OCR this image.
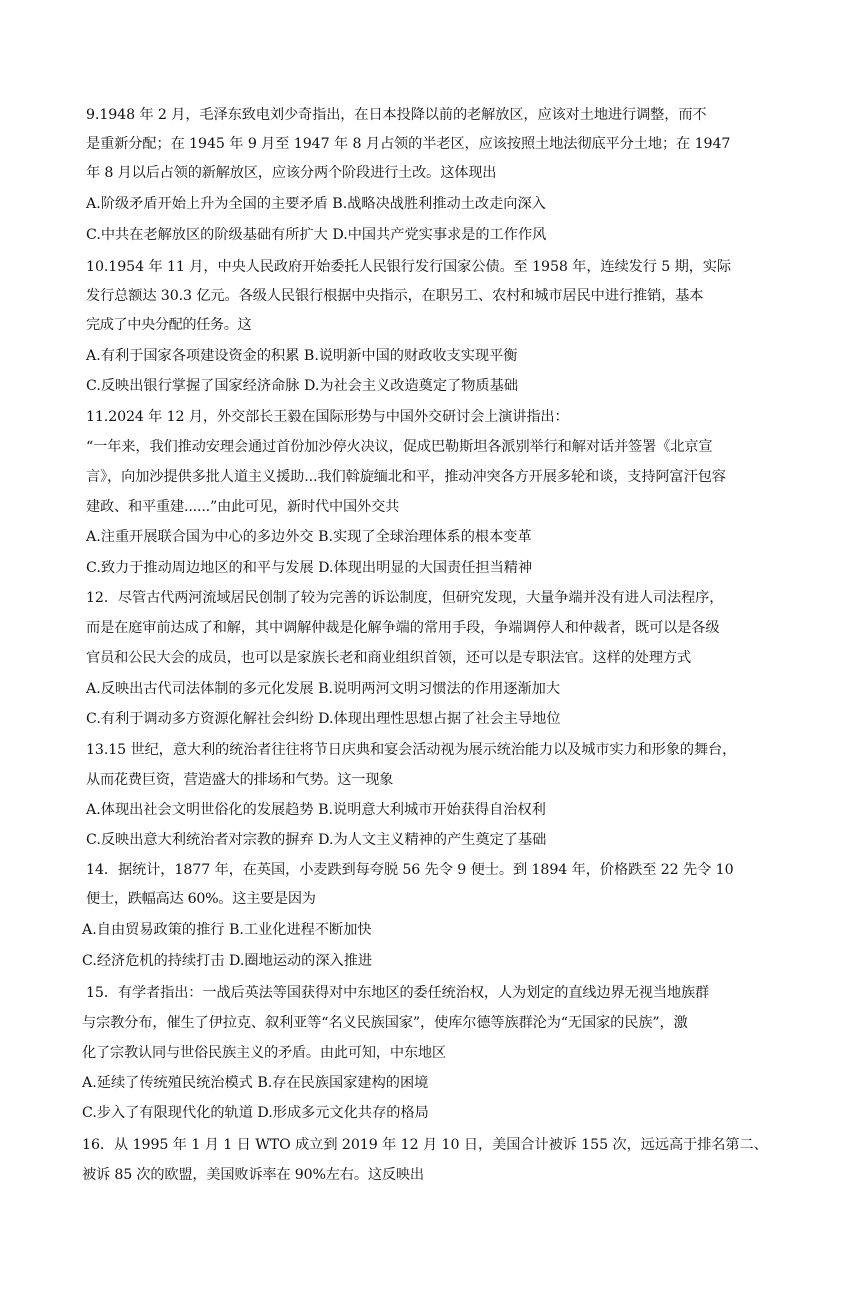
9.1948 年 2 月，毛泽东致电刘少奇指出，在日本投降以前的老解放区，应该对土地进行调整，而不
是重新分配；在 1945 年 9 月至 1947 年 8 月占领的半老区，应该按照土地法彻底平分土地；在 1947
年 8 月以后占领的新解放区，应该分两个阶段进行土改。这体现出
A.阶级矛盾开始上升为全国的主要矛盾 B.战略决战胜利推动土改走向深入
C.中共在老解放区的阶级基础有所扩大 D.中国共产党实事求是的工作作风
10.1954 年 11 月，中央人民政府开始委托人民银行发行国家公债。至 1958 年，连续发行 5 期，实际
发行总额达 30.3 亿元。各级人民银行根据中央指示，在职另工、农村和城市居民中进行推销，基本
完成了中央分配的任务。这
A.有利于国家各项建设资金的积累 B.说明新中国的财政收支实现平衡
C.反映出银行掌握了国家经济命脉 D.为社会主义改造奠定了物质基础
11.2024 年 12 月，外交部长王毅在国际形势与中国外交研讨会上演讲指出：
“一年来，我们推动安理会通过首份加沙停火决议，促成巴勒斯坦各派别举行和解对话并签署《北京宣
言》，向加沙提供多批人道主义援助...我们斡旋缅北和平，推动冲突各方开展多轮和谈，支持阿富汗包容
建政、和平重建......”由此可见，新时代中国外交共
A.注重开展联合国为中心的多边外交 B.实现了全球治理体系的根本变革
C.致力于推动周边地区的和平与发展 D.体现出明显的大国责任担当精神
12．尽管古代两河流域居民创制了较为完善的诉讼制度，但研究发现，大量争端并没有进人司法程序，
而是在庭审前达成了和解，其中调解仲裁是化解争端的常用手段，争端调停人和仲裁者，既可以是各级
官员和公民大会的成员，也可以是家族长老和商业组织首领，还可以是专职法官。这样的处理方式
A.反映出古代司法体制的多元化发展 B.说明两河文明习惯法的作用逐渐加大
C.有利于调动多方资源化解社会纠纷 D.体现出理性思想占据了社会主导地位
13.15 世纪，意大利的统治者往往将节日庆典和宴会活动视为展示统治能力以及城市实力和形象的舞台，
从而花费巨资，营造盛大的排场和气势。这一现象
A.体现出社会文明世俗化的发展趋势 B.说明意大利城市开始获得自治权利
C.反映出意大利统治者对宗教的摒弃 D.为人文主义精神的产生奠定了基础
14．据统计，1877 年，在英国，小麦跌到每夸脱 56 先令 9 便士。到 1894 年，价格跌至 22 先令 10
便士，跌幅高达 60%。这主要是因为
A.自由贸易政策的推行 B.工业化进程不断加快
C.经济危机的持续打击 D.圈地运动的深入推进
15．有学者指出：一战后英法等国获得对中东地区的委任统治权，人为划定的直线边界无视当地族群
与宗教分布，催生了伊拉克、叙利亚等“名义民族国家”，使库尔德等族群沦为“无国家的民族”，激
化了宗教认同与世俗民族主义的矛盾。由此可知，中东地区
A.延续了传统殖民统治模式 B.存在民族国家建构的困境
C.步入了有限现代化的轨道 D.形成多元文化共存的格局
16．从 1995 年 1 月 1 日 WTO 成立到 2019 年 12 月 10 日，美国合计被诉 155 次，远远高于排名第二、
被诉 85 次的欧盟，美国败诉率在 90%左右。这反映出
